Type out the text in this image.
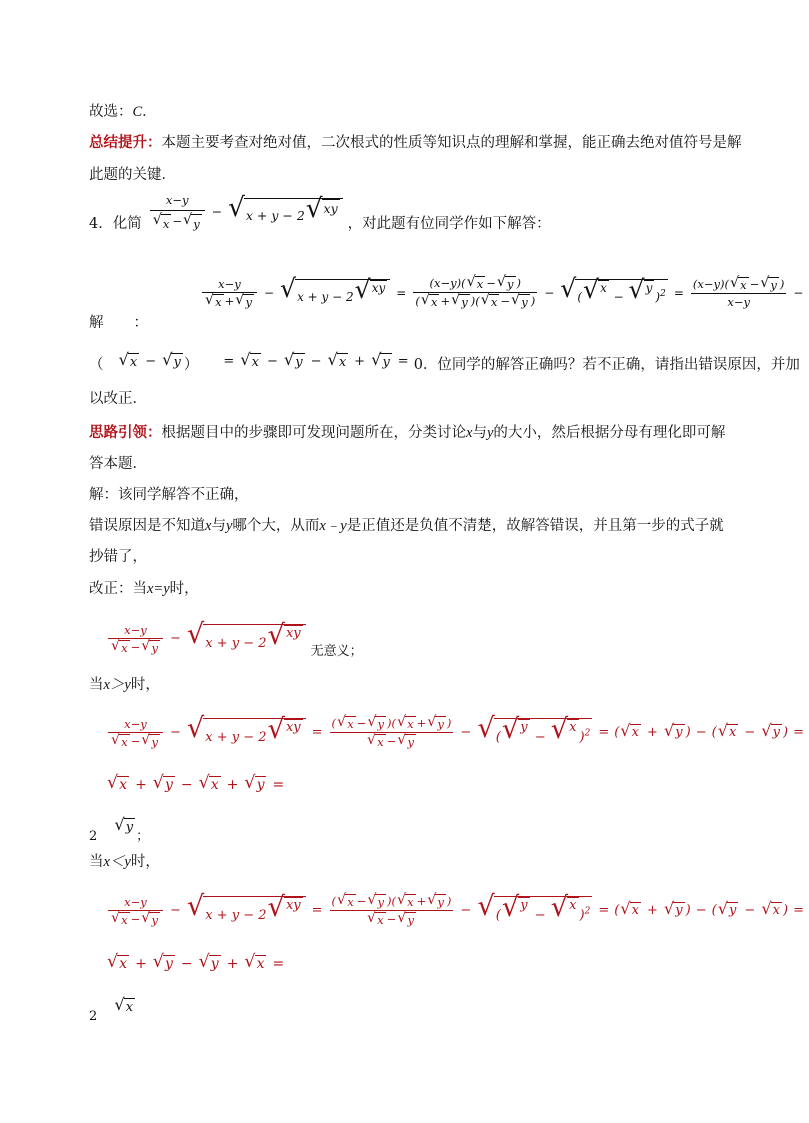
故选：C．
总结提升：本题主要考查对绝对值，二次根式的性质等知识点的理解和掌握，能正确去绝对值符号是解
此题的关键．
4．化简 $\frac{x-y}{√ x - √ y}$ − √ x + y − 2 √ xy
，对此题有位同学作如下解答：
解 ：
$\frac{x-y}{√ x + √ y}$ − √ x + y − 2 √ xy = $\frac{(x-y)( √ x - √ y )}{( √ x + √ y )( √ x - √ y )}$ − √ ( √ x
− √ y
)$^2 = \frac{(x-y)( √ x - √ y )}{x-y}$ −
（ √ x − √ y ） = √ x − √ y − √ x + √ y = 0．位同学的解答正确吗？若不正确，请指出错误原因，并加
以改正．
思路引领：根据题目中的步骤即可发现问题所在，分类讨论x与y的大小，然后根据分母有理化即可解
答本题．
解：该同学解答不正确，
错误原因是不知道x与y哪个大，从而x﹣y是正值还是负值不清楚，故解答错误，并且第一步的式子就
抄错了，
改正：当x=y时，
$\frac{x-y}{√ x - √ y}$ − √ x + y − 2 √ xy
无意义；
当x＞y时，
$\frac{x-y}{√ x - √ y}$ − √ x + y − 2 √ xy = $\frac{( √ x - √ y )( √ x + √ y )}{√ x - √ y}$ − √ ( √ y
− √ x
)$^2$ = ( √ x + √ y ) − ( √ x − √ y ) =
√ x + √ y − √ x + √ y =
2
√ y
；
当x＜y时，
$\frac{x-y}{√ x - √ y}$ − √ x + y − 2 √ xy = $\frac{( √ x - √ y )( √ x + √ y )}{√ x - √ y}$ − √ ( √ y
− √ x
)$^2$ = ( √ x + √ y ) − ( √ y − √ x ) =
√ x + √ y − √ y + √ x =
2
√ x
